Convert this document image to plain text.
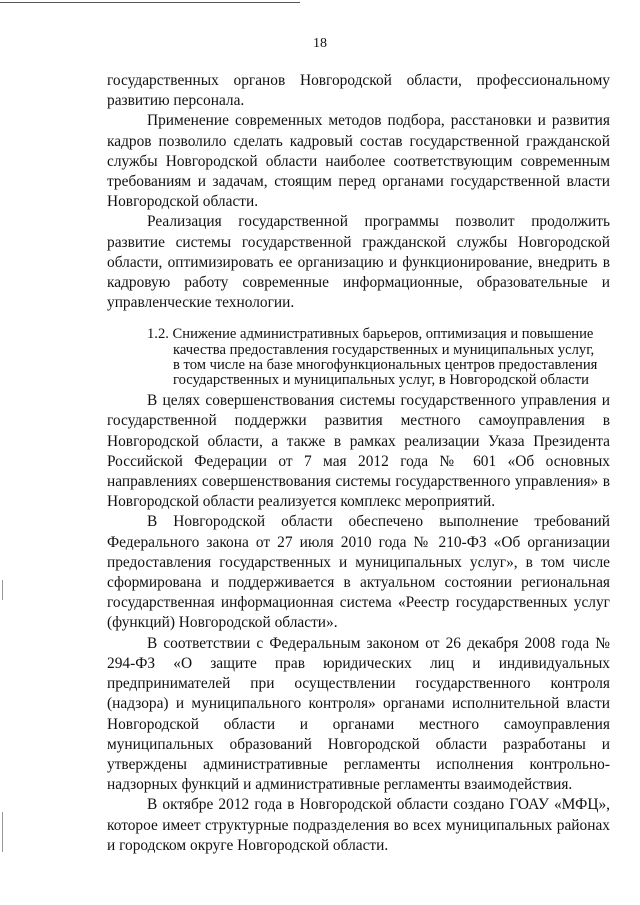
18

государственных органов Новгородской области, профессиональному развитию персонала.

Применение современных методов подбора, расстановки и развития кадров позволило сделать кадровый состав государственной гражданской службы Новгородской области наиболее соответствующим современным требованиям и задачам, стоящим перед органами государственной власти Новгородской области.

Реализация государственной программы позволит продолжить развитие системы государственной гражданской службы Новгородской области, оптимизировать ее организацию и функционирование, внедрить в кадровую работу современные информационные, образовательные и управленческие технологии.

1.2. Снижение административных барьеров, оптимизация и повышение
качества предоставления государственных и муниципальных услуг,
в том числе на базе многофункциональных центров предоставления
государственных и муниципальных услуг, в Новгородской области

В целях совершенствования системы государственного управления и государственной поддержки развития местного самоуправления в Новгородской области, а также в рамках реализации Указа Президента Российской Федерации от 7 мая 2012 года № 601 «Об основных направлениях совершенствования системы государственного управления» в Новгородской области реализуется комплекс мероприятий.

В Новгородской области обеспечено выполнение требований Федерального закона от 27 июля 2010 года № 210-ФЗ «Об организации предоставления государственных и муниципальных услуг», в том числе сформирована и поддерживается в актуальном состоянии региональная государственная информационная система «Реестр государственных услуг (функций) Новгородской области».

В соответствии с Федеральным законом от 26 декабря 2008 года № 294-ФЗ «О защите прав юридических лиц и индивидуальных предпринимателей при осуществлении государственного контроля (надзора) и муниципального контроля» органами исполнительной власти Новгородской области и органами местного самоуправления муниципальных образований Новгородской области разработаны и утверждены административные регламенты исполнения контрольно-надзорных функций и административные регламенты взаимодействия.

В октябре 2012 года в Новгородской области создано ГОАУ «МФЦ», которое имеет структурные подразделения во всех муниципальных районах и городском округе Новгородской области.
